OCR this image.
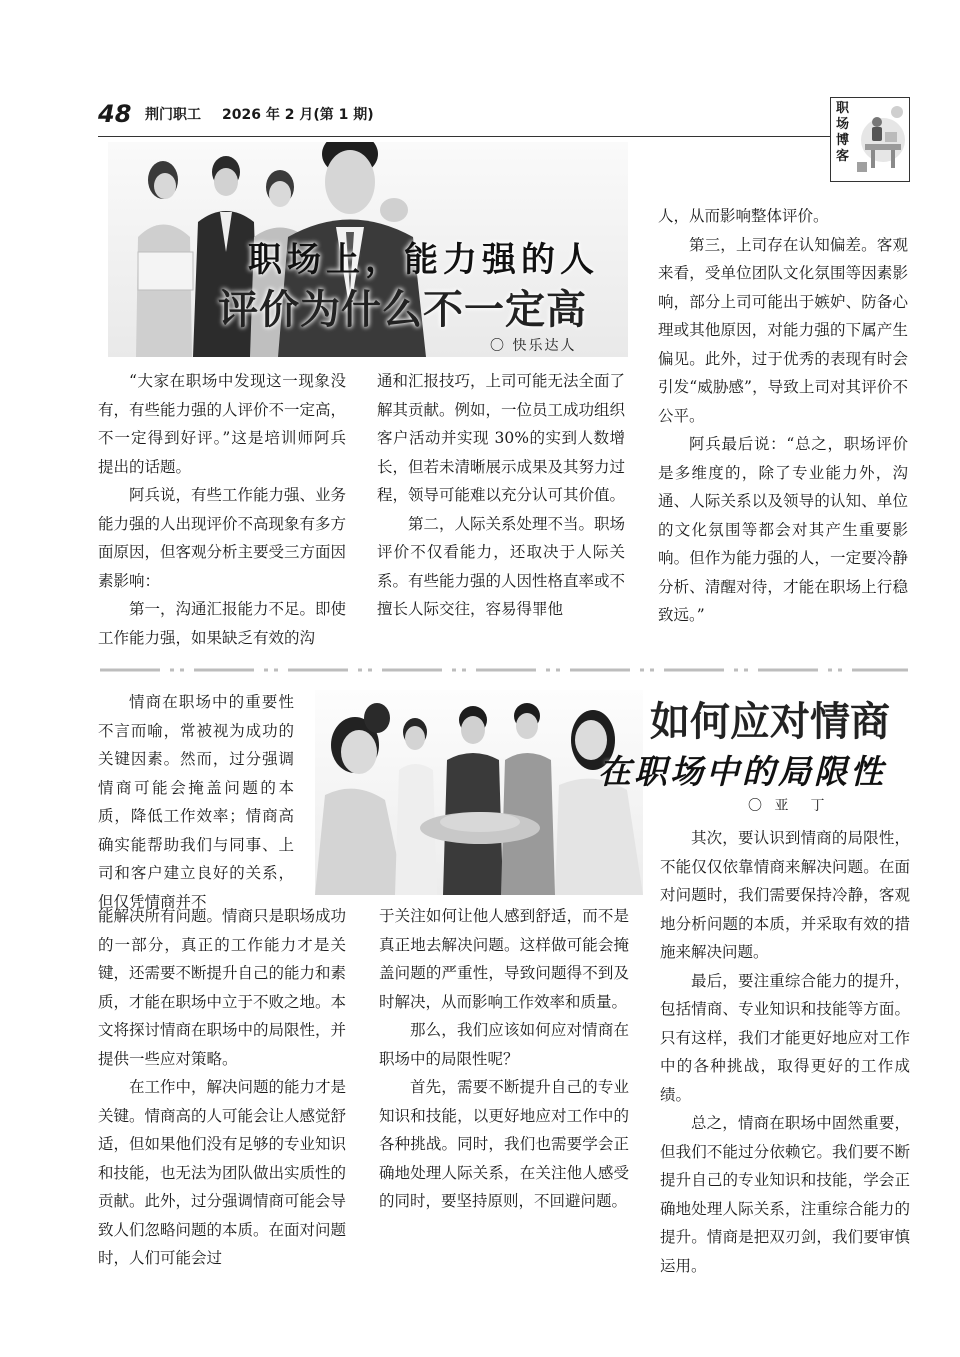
48 荆门职工 2026 年 2 月(第 1 期)	职场博客
职场上，能力强的人
评价为什么不一定高
〇 快乐达人

“大家在职场中发现这一现象没有，有些能力强的人评价不一定高，不一定得到好评。”这是培训师阿兵提出的话题。

阿兵说，有些工作能力强、业务能力强的人出现评价不高现象有多方面原因，但客观分析主要受三方面因素影响：

第一，沟通汇报能力不足。即使工作能力强，如果缺乏有效的沟

通和汇报技巧，上司可能无法全面了解其贡献。例如，一位员工成功组织客户活动并实现 30%的实到人数增长，但若未清晰展示成果及其努力过程，领导可能难以充分认可其价值。

第二，人际关系处理不当。职场评价不仅看能力，还取决于人际关系。有些能力强的人因性格直率或不擅长人际交往，容易得罪他

人，从而影响整体评价。

第三，上司存在认知偏差。客观来看，受单位团队文化氛围等因素影响，部分上司可能出于嫉妒、防备心理或其他原因，对能力强的下属产生偏见。此外，过于优秀的表现有时会引发“威胁感”，导致上司对其评价不公平。

阿兵最后说：“总之，职场评价是多维度的，除了专业能力外，沟通、人际关系以及领导的认知、单位的文化氛围等都会对其产生重要影响。但作为能力强的人，一定要冷静分析、清醒对待，才能在职场上行稳致远。”

如何应对情商
在职场中的局限性
〇 亚　丁

情商在职场中的重要性不言而喻，常被视为成功的关键因素。然而，过分强调情商可能会掩盖问题的本质，降低工作效率；情商高确实能帮助我们与同事、上司和客户建立良好的关系，但仅凭情商并不

能解决所有问题。情商只是职场成功的一部分，真正的工作能力才是关键，还需要不断提升自己的能力和素质，才能在职场中立于不败之地。本文将探讨情商在职场中的局限性，并提供一些应对策略。

在工作中，解决问题的能力才是关键。情商高的人可能会让人感觉舒适，但如果他们没有足够的专业知识和技能，也无法为团队做出实质性的贡献。此外，过分强调情商可能会导致人们忽略问题的本质。在面对问题时，人们可能会过

于关注如何让他人感到舒适，而不是真正地去解决问题。这样做可能会掩盖问题的严重性，导致问题得不到及时解决，从而影响工作效率和质量。

那么，我们应该如何应对情商在职场中的局限性呢？

首先，需要不断提升自己的专业知识和技能，以更好地应对工作中的各种挑战。同时，我们也需要学会正确地处理人际关系，在关注他人感受的同时，要坚持原则，不回避问题。

其次，要认识到情商的局限性，不能仅仅依靠情商来解决问题。在面对问题时，我们需要保持冷静，客观地分析问题的本质，并采取有效的措施来解决问题。

最后，要注重综合能力的提升，包括情商、专业知识和技能等方面。只有这样，我们才能更好地应对工作中的各种挑战，取得更好的工作成绩。

总之，情商在职场中固然重要，但我们不能过分依赖它。我们要不断提升自己的专业知识和技能，学会正确地处理人际关系，注重综合能力的提升。情商是把双刃剑，我们要审慎运用。
